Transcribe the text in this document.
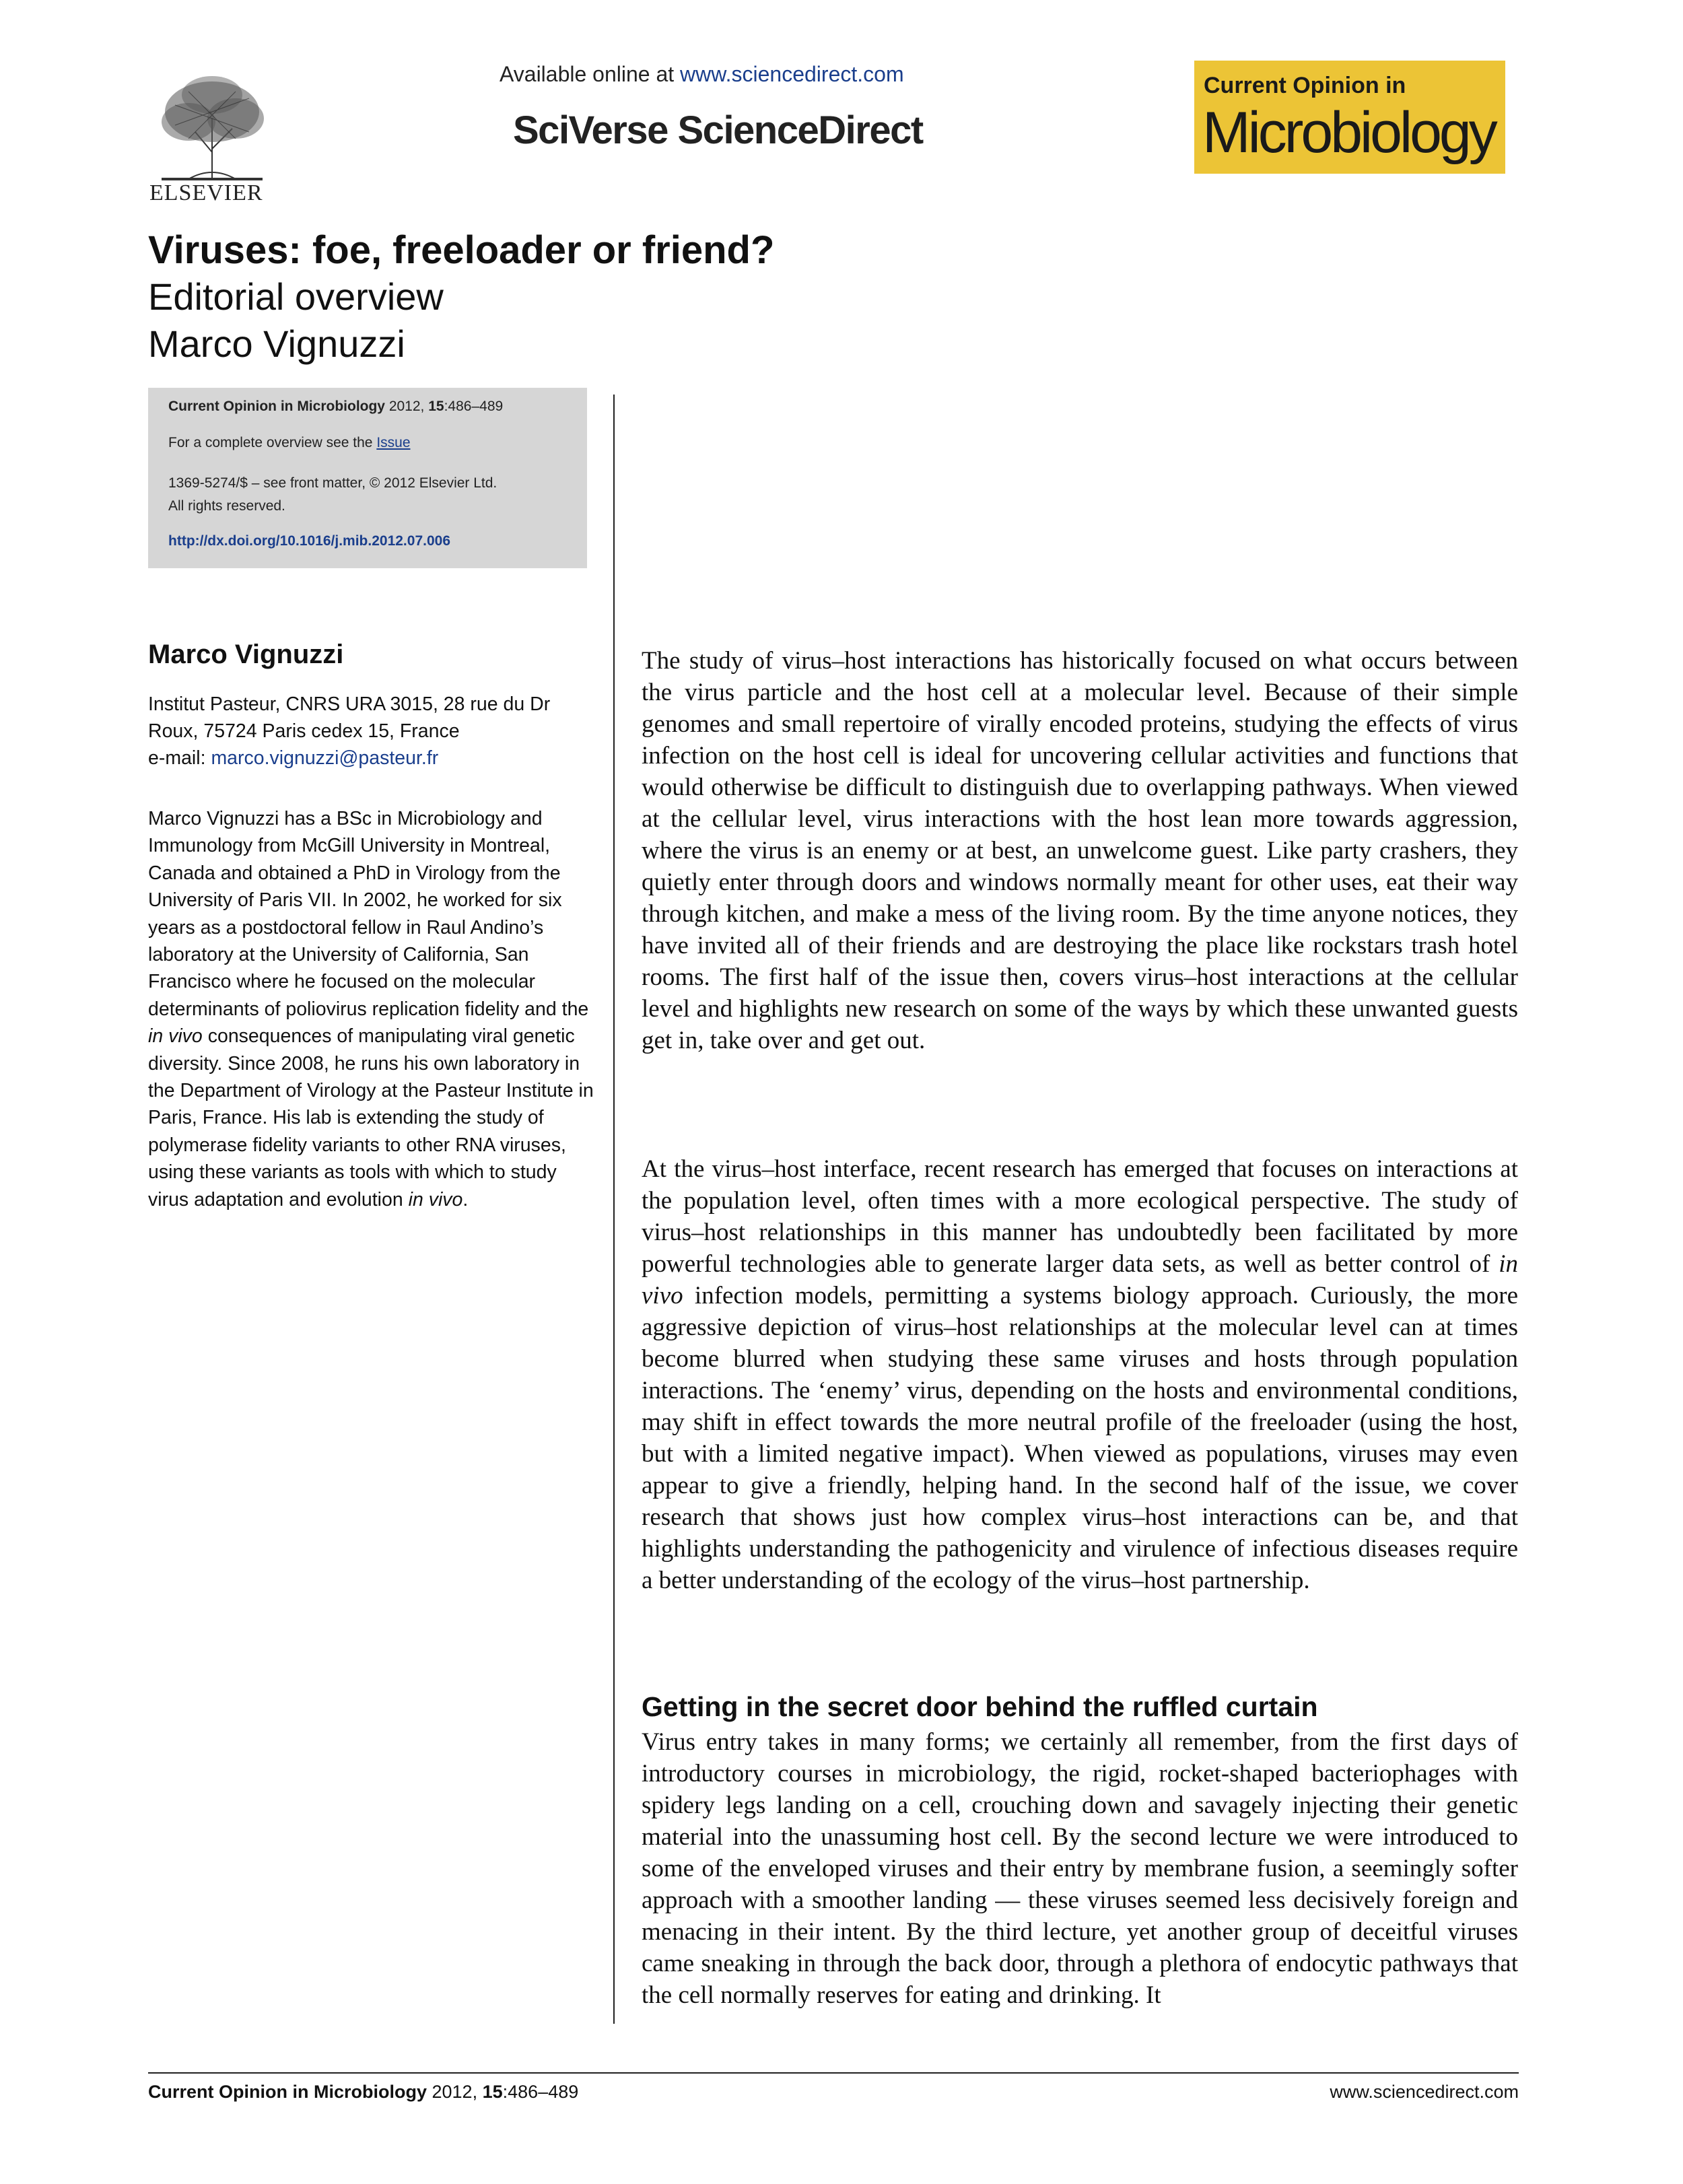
ELSEVIER
Available online at www.sciencedirect.com
SciVerse ScienceDirect
Current Opinion in
Microbiology
Viruses: foe, freeloader or friend?
Editorial overview
Marco Vignuzzi
Current Opinion in Microbiology 2012, 15:486–489
For a complete overview see the Issue
1369-5274/$ – see front matter, © 2012 Elsevier Ltd.
All rights reserved.
http://dx.doi.org/10.1016/j.mib.2012.07.006
Marco Vignuzzi
Institut Pasteur, CNRS URA 3015, 28 rue du Dr Roux, 75724 Paris cedex 15, France
e-mail: marco.vignuzzi@pasteur.fr
Marco Vignuzzi has a BSc in Microbiology and Immunology from McGill University in Montreal, Canada and obtained a PhD in Virology from the University of Paris VII. In 2002, he worked for six years as a postdoctoral fellow in Raul Andino’s laboratory at the University of California, San Francisco where he focused on the molecular determinants of poliovirus replication fidelity and the in vivo consequences of manipulating viral genetic diversity. Since 2008, he runs his own laboratory in the Department of Virology at the Pasteur Institute in Paris, France. His lab is extending the study of polymerase fidelity variants to other RNA viruses, using these variants as tools with which to study virus adaptation and evolution in vivo.

The study of virus–host interactions has historically focused on what occurs between the virus particle and the host cell at a molecular level. Because of their simple genomes and small repertoire of virally encoded proteins, studying the effects of virus infection on the host cell is ideal for uncovering cellular activities and functions that would otherwise be difficult to distinguish due to overlapping pathways. When viewed at the cellular level, virus interactions with the host lean more towards aggression, where the virus is an enemy or at best, an unwelcome guest. Like party crashers, they quietly enter through doors and windows normally meant for other uses, eat their way through kitchen, and make a mess of the living room. By the time anyone notices, they have invited all of their friends and are destroying the place like rockstars trash hotel rooms. The first half of the issue then, covers virus–host interactions at the cellular level and highlights new research on some of the ways by which these unwanted guests get in, take over and get out.

At the virus–host interface, recent research has emerged that focuses on interactions at the population level, often times with a more ecological perspective. The study of virus–host relationships in this manner has undoubtedly been facilitated by more powerful technologies able to generate larger data sets, as well as better control of in vivo infection models, permitting a systems biology approach. Curiously, the more aggressive depiction of virus–host relationships at the molecular level can at times become blurred when studying these same viruses and hosts through population interactions. The ‘enemy’ virus, depending on the hosts and environmental conditions, may shift in effect towards the more neutral profile of the freeloader (using the host, but with a limited negative impact). When viewed as populations, viruses may even appear to give a friendly, helping hand. In the second half of the issue, we cover research that shows just how complex virus–host interactions can be, and that highlights understanding the pathogenicity and virulence of infectious diseases require a better understanding of the ecology of the virus–host partnership.

Getting in the secret door behind the ruffled curtain

Virus entry takes in many forms; we certainly all remember, from the first days of introductory courses in microbiology, the rigid, rocket-shaped bacteriophages with spidery legs landing on a cell, crouching down and savagely injecting their genetic material into the unassuming host cell. By the second lecture we were introduced to some of the enveloped viruses and their entry by membrane fusion, a seemingly softer approach with a smoother landing — these viruses seemed less decisively foreign and menacing in their intent. By the third lecture, yet another group of deceitful viruses came sneaking in through the back door, through a plethora of endocytic pathways that the cell normally reserves for eating and drinking. It

Current Opinion in Microbiology 2012, 15:486–489	www.sciencedirect.com
